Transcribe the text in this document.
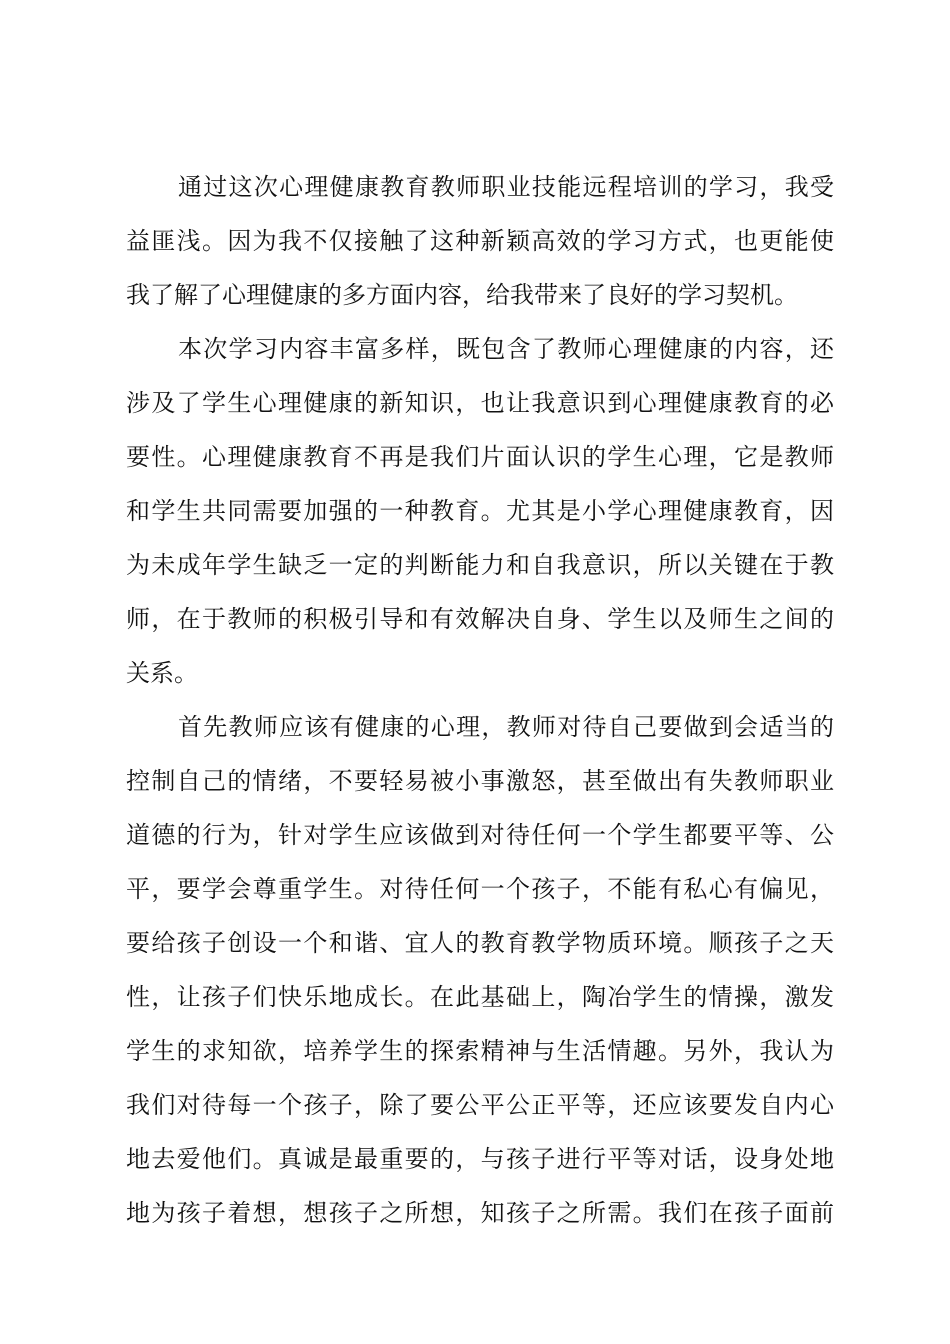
通过这次心理健康教育教师职业技能远程培训的学习，我受
益匪浅。因为我不仅接触了这种新颖高效的学习方式，也更能使
我了解了心理健康的多方面内容，给我带来了良好的学习契机。
本次学习内容丰富多样，既包含了教师心理健康的内容，还
涉及了学生心理健康的新知识，也让我意识到心理健康教育的必
要性。心理健康教育不再是我们片面认识的学生心理，它是教师
和学生共同需要加强的一种教育。尤其是小学心理健康教育，因
为未成年学生缺乏一定的判断能力和自我意识，所以关键在于教
师，在于教师的积极引导和有效解决自身、学生以及师生之间的
关系。
首先教师应该有健康的心理，教师对待自己要做到会适当的
控制自己的情绪，不要轻易被小事激怒，甚至做出有失教师职业
道德的行为，针对学生应该做到对待任何一个学生都要平等、公
平，要学会尊重学生。对待任何一个孩子，不能有私心有偏见，
要给孩子创设一个和谐、宜人的教育教学物质环境。顺孩子之天
性，让孩子们快乐地成长。在此基础上，陶冶学生的情操，激发
学生的求知欲，培养学生的探索精神与生活情趣。另外，我认为
我们对待每一个孩子，除了要公平公正平等，还应该要发自内心
地去爱他们。真诚是最重要的，与孩子进行平等对话，设身处地
地为孩子着想，想孩子之所想，知孩子之所需。我们在孩子面前
